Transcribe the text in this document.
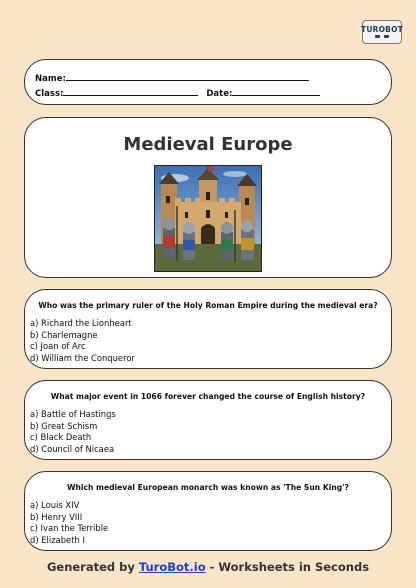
TUROBOT
Name:
Class:	Date:
Medieval Europe
Who was the primary ruler of the Holy Roman Empire during the medieval era?
a) Richard the Lionheart
b) Charlemagne
c) Joan of Arc
d) William the Conqueror
What major event in 1066 forever changed the course of English history?
a) Battle of Hastings
b) Great Schism
c) Black Death
d) Council of Nicaea
Which medieval European monarch was known as 'The Sun King'?
a) Louis XIV
b) Henry VIII
c) Ivan the Terrible
d) Elizabeth I
Generated by TuroBot.io - Worksheets in Seconds
